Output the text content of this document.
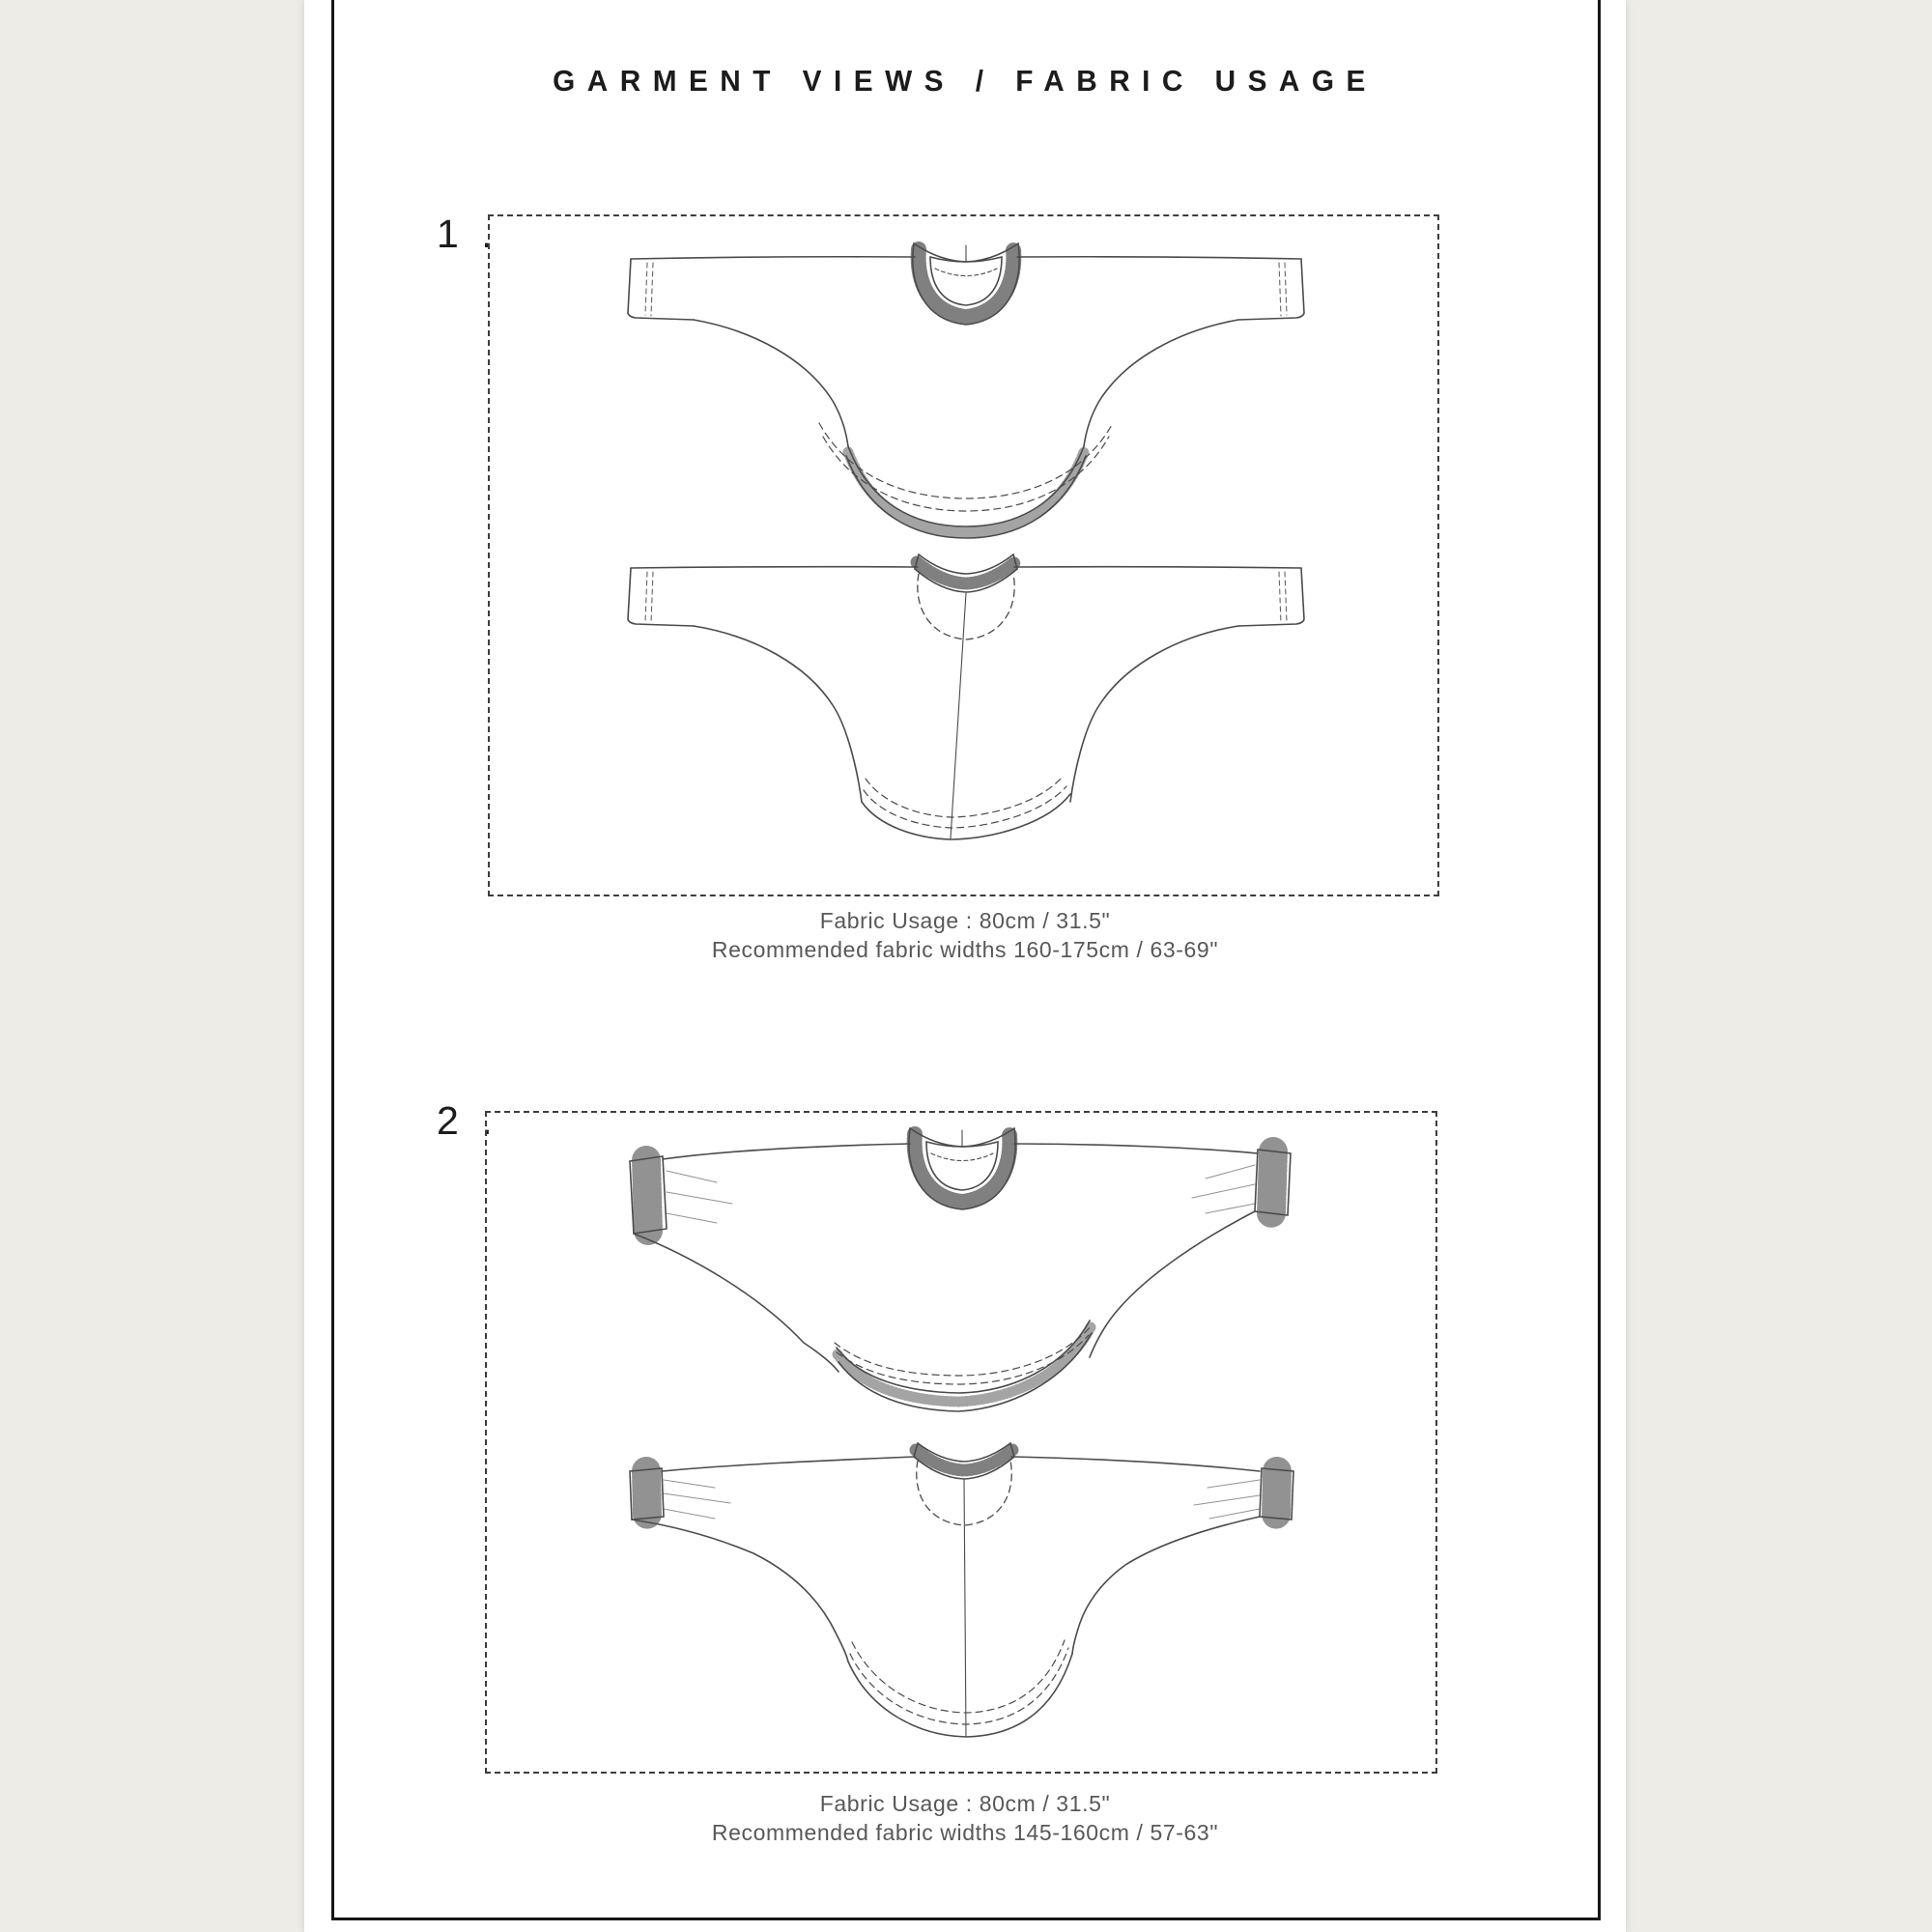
GARMENT VIEWS / FABRIC USAGE
1 .
Fabric Usage : 80cm / 31.5"
Recommended fabric widths 160-175cm / 63-69"
2 .
Fabric Usage : 80cm / 31.5"
Recommended fabric widths 145-160cm / 57-63"
